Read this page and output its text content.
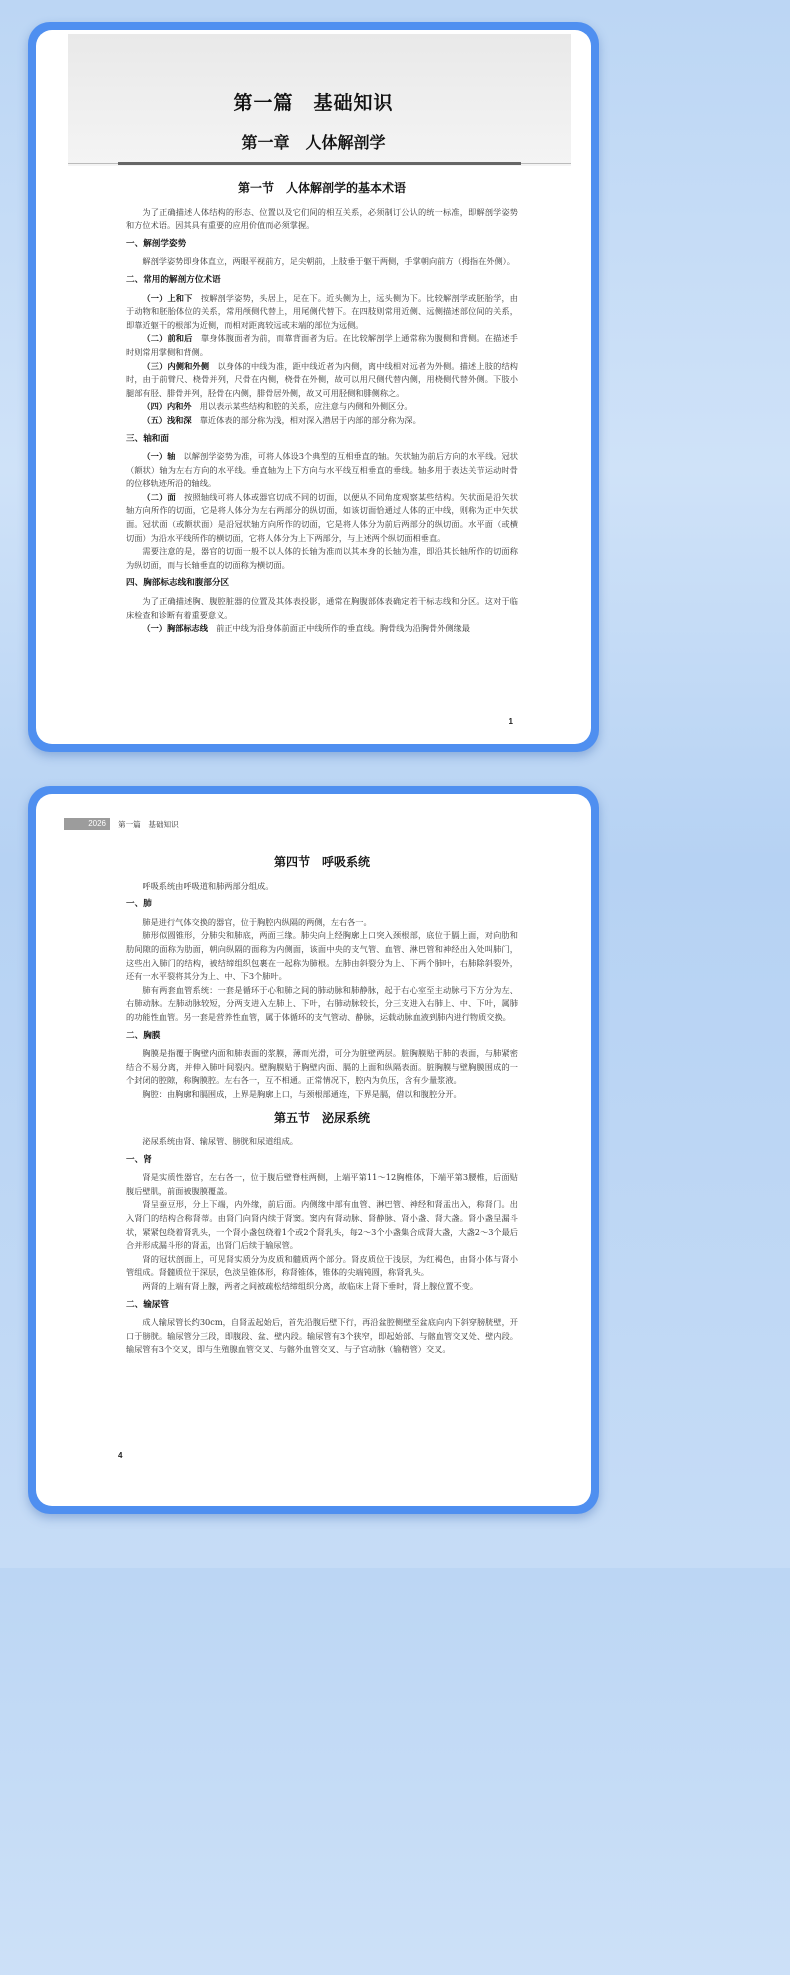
第一篇　基础知识
第一章　人体解剖学
第一节　人体解剖学的基本术语
为了正确描述人体结构的形态、位置以及它们间的相互关系，必须制订公认的统一标准，即解剖学姿势和方位术语。因其具有重要的应用价值而必须掌握。
一、解剖学姿势
解剖学姿势即身体直立，两眼平视前方，足尖朝前，上肢垂于躯干两侧，手掌朝向前方（拇指在外侧）。
二、常用的解剖方位术语
（一）上和下　按解剖学姿势，头居上，足在下。近头侧为上，远头侧为下。比较解剖学或胚胎学，由于动物和胚胎体位的关系，常用颅侧代替上，用尾侧代替下。在四肢则常用近侧、远侧描述部位间的关系，即靠近躯干的根部为近侧，而相对距离较远或末端的部位为远侧。
（二）前和后　靠身体腹面者为前，而靠背面者为后。在比较解剖学上通常称为腹侧和背侧。在描述手时则常用掌侧和背侧。
（三）内侧和外侧　以身体的中线为准，距中线近者为内侧，离中线相对远者为外侧。描述上肢的结构时，由于前臂尺、桡骨并列，尺骨在内侧，桡骨在外侧，故可以用尺侧代替内侧，用桡侧代替外侧。下肢小腿部有胫、腓骨并列，胫骨在内侧，腓骨居外侧，故又可用胫侧和腓侧称之。
（四）内和外　用以表示某些结构和腔的关系，应注意与内侧和外侧区分。
（五）浅和深　靠近体表的部分称为浅，相对深入潜居于内部的部分称为深。
三、轴和面
（一）轴　以解剖学姿势为准，可将人体设3个典型的互相垂直的轴。矢状轴为前后方向的水平线。冠状（额状）轴为左右方向的水平线。垂直轴为上下方向与水平线互相垂直的垂线。轴多用于表达关节运动时骨的位移轨迹所沿的轴线。
（二）面　按照轴线可将人体或器官切成不同的切面，以便从不同角度观察某些结构。矢状面是沿矢状轴方向所作的切面，它是将人体分为左右两部分的纵切面，如该切面恰通过人体的正中线，则称为正中矢状面。冠状面（或额状面）是沿冠状轴方向所作的切面，它是将人体分为前后两部分的纵切面。水平面（或横切面）为沿水平线所作的横切面，它将人体分为上下两部分，与上述两个纵切面相垂直。
需要注意的是，器官的切面一般不以人体的长轴为准而以其本身的长轴为准，即沿其长轴所作的切面称为纵切面，而与长轴垂直的切面称为横切面。
四、胸部标志线和腹部分区
为了正确描述胸、腹腔脏器的位置及其体表投影，通常在胸腹部体表确定若干标志线和分区。这对于临床检查和诊断有着重要意义。
（一）胸部标志线　前正中线为沿身体前面正中线所作的垂直线。胸骨线为沿胸骨外侧缘最
1
2026	第一篇　基础知识
第四节　呼吸系统
呼吸系统由呼吸道和肺两部分组成。
一、肺
肺是进行气体交换的器官，位于胸腔内纵隔的两侧，左右各一。
肺形似圆锥形，分肺尖和肺底，两面三缘。肺尖向上经胸廓上口突入颈根部，底位于膈上面，对向肋和肋间隙的面称为肋面，朝向纵隔的面称为内侧面，该面中央的支气管、血管、淋巴管和神经出入处叫肺门，这些出入肺门的结构，被结缔组织包裹在一起称为肺根。左肺由斜裂分为上、下两个肺叶，右肺除斜裂外，还有一水平裂将其分为上、中、下3个肺叶。
肺有两套血管系统：一套是循环于心和肺之间的肺动脉和肺静脉，起于右心室至主动脉弓下方分为左、右肺动脉。左肺动脉较短，分两支进入左肺上、下叶，右肺动脉较长，分三支进入右肺上、中、下叶，属肺的功能性血管。另一套是营养性血管，属于体循环的支气管动、静脉，运载动脉血液到肺内进行物质交换。
二、胸膜
胸膜是指覆于胸壁内面和肺表面的浆膜，薄而光滑，可分为脏壁两层。脏胸膜贴于肺的表面，与肺紧密结合不易分离，并伸入肺叶间裂内。壁胸膜贴于胸壁内面、膈的上面和纵隔表面。脏胸膜与壁胸膜围成的一个封闭的腔隙，称胸膜腔。左右各一，互不相通。正常情况下，腔内为负压，含有少量浆液。
胸腔：由胸廓和膈围成，上界是胸廓上口，与颈根部通连，下界是膈，借以和腹腔分开。
第五节　泌尿系统
泌尿系统由肾、输尿管、膀胱和尿道组成。
一、肾
肾是实质性器官，左右各一，位于腹后壁脊柱两侧，上端平第11～12胸椎体，下端平第3腰椎，后面贴腹后壁肌，前面被腹膜覆盖。
肾呈蚕豆形，分上下端，内外缘，前后面。内侧缘中部有血管、淋巴管、神经和肾盂出入，称肾门。出入肾门的结构合称肾蒂。由肾门向肾内续于肾窦。窦内有肾动脉、肾静脉、肾小盏、肾大盏。肾小盏呈漏斗状，紧紧包绕着肾乳头，一个肾小盏包绕着1个或2个肾乳头，每2～3个小盏集合成肾大盏，大盏2～3个最后合并形成漏斗形的肾盂，出肾门后续于输尿管。
肾的冠状剖面上，可见肾实质分为皮质和髓质两个部分。肾皮质位于浅层，为红褐色，由肾小体与肾小管组成。肾髓质位于深层，色淡呈锥体形，称肾锥体，锥体的尖端钝圆，称肾乳头。
两肾的上端有肾上腺，两者之间被疏松结缔组织分离，故临床上肾下垂时，肾上腺位置不变。
二、输尿管
成人输尿管长约30cm，自肾盂起始后，首先沿腹后壁下行，再沿盆腔侧壁至盆底向内下斜穿膀胱壁，开口于膀胱。输尿管分三段，即腹段、盆、壁内段。输尿管有3个狭窄，即起始部、与髂血管交叉处、壁内段。输尿管有3个交叉，即与生殖腺血管交叉、与髂外血管交叉、与子宫动脉（输精管）交叉。
4
